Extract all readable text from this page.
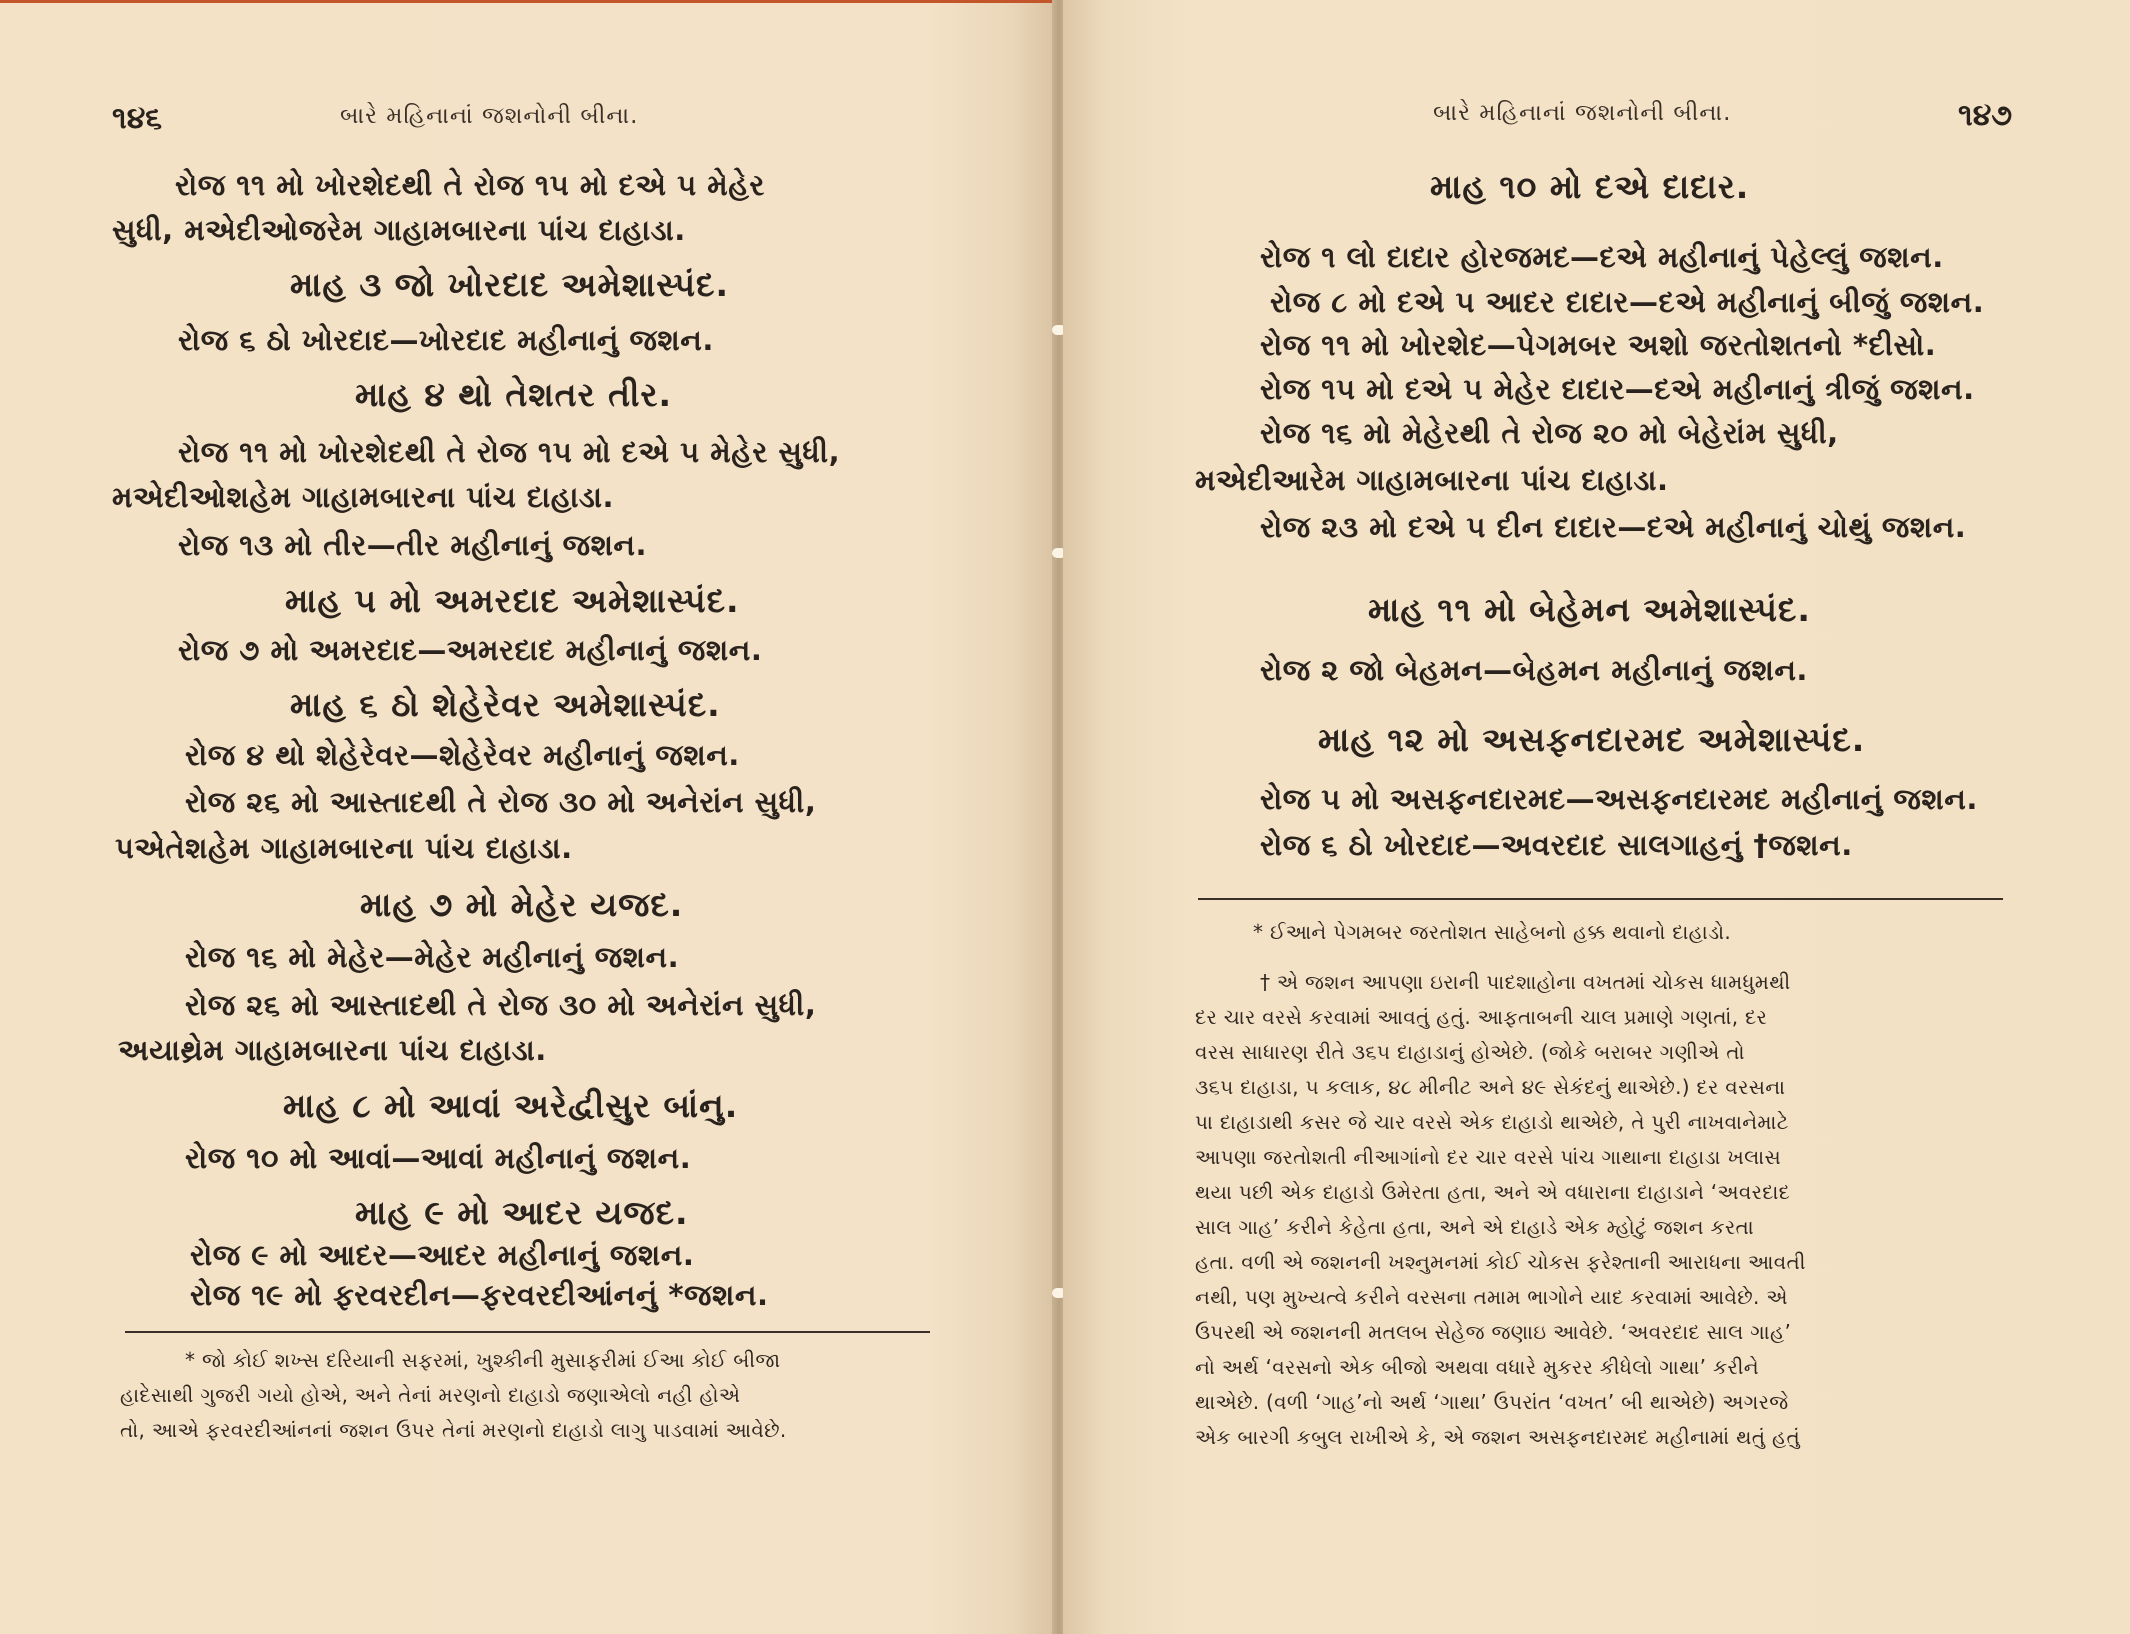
૧૪૬	બારે મહિનાનાં જશનોની બીના.
રોજ ૧૧ મો ખોરશેદથી તે રોજ ૧૫ મો દએ ૫ મેહેર
સુધી, મએદીઓજરેમ ગાહામબારના પાંચ દાહાડા.
માહ ૩ જો ખોરદાદ અમેશાસ્પંદ.
રોજ ૬ ઠો ખોરદાદ—ખોરદાદ મહીનાનું જશન.
માહ ૪ થો તેશતર તીર.
રોજ ૧૧ મો ખોરશેદથી તે રોજ ૧૫ મો દએ ૫ મેહેર સુધી,
મએદીઓશહેમ ગાહામબારના પાંચ દાહાડા.
રોજ ૧૩ મો તીર—તીર મહીનાનું જશન.
માહ ૫ મો અમરદાદ અમેશાસ્પંદ.
રોજ ૭ મો અમરદાદ—અમરદાદ મહીનાનું જશન.
માહ ૬ ઠો શેહેરેવર અમેશાસ્પંદ.
રોજ ૪ થો શેહેરેવર—શેહેરેવર મહીનાનું જશન.
રોજ ૨૬ મો આસ્તાદથી તે રોજ ૩૦ મો અનેરાંન સુધી,
પએતેશહેમ ગાહામબારના પાંચ દાહાડા.
માહ ૭ મો મેહેર યજદ.
રોજ ૧૬ મો મેહેર—મેહેર મહીનાનું જશન.
રોજ ૨૬ મો આસ્તાદથી તે રોજ ૩૦ મો અનેરાંન સુધી,
અયાથ્રેમ ગાહામબારના પાંચ દાહાડા.
માહ ૮ મો આવાં અરેદ્વીસુર બાંનુ.
રોજ ૧૦ મો આવાં—આવાં મહીનાનું જશન.
માહ ૯ મો આદર યજદ.
રોજ ૯ મો આદર—આદર મહીનાનું જશન.
રોજ ૧૯ મો ફરવરદીન—ફરવરદીઆંનનું *જશન.
* જો કોઈ શખ્સ દરિયાની સફરમાં, ખુશ્કીની મુસાફરીમાં ઈઆ કોઈ બીજા
હાદેસાથી ગુજરી ગયો હોએ, અને તેનાં મરણનો દાહાડો જણાએલો નહી હોએ
તો, આએ ફરવરદીઆંનનાં જશન ઉપર તેનાં મરણનો દાહાડો લાગુ પાડવામાં આવેછે.
બારે મહિનાનાં જશનોની બીના.	૧૪૭
માહ ૧૦ મો દએ દાદાર.
રોજ ૧ લો દાદાર હોરજમદ—દએ મહીનાનું પેહેલ્લું જશન.
રોજ ૮ મો દએ ૫ આદર દાદાર—દએ મહીનાનું બીજું જશન.
રોજ ૧૧ મો ખોરશેદ—પેગમબર અશો જરતોશતનો *દીસો.
રોજ ૧૫ મો દએ ૫ મેહેર દાદાર—દએ મહીનાનું ત્રીજું જશન.
રોજ ૧૬ મો મેહેરથી તે રોજ ૨૦ મો બેહેરાંમ સુધી,
મએદીઆરેમ ગાહામબારના પાંચ દાહાડા.
રોજ ૨૩ મો દએ ૫ દીન દાદાર—દએ મહીનાનું ચોથું જશન.
માહ ૧૧ મો બેહેમન અમેશાસ્પંદ.
રોજ ૨ જો બેહમન—બેહમન મહીનાનું જશન.
માહ ૧૨ મો અસફનદારમદ અમેશાસ્પંદ.
રોજ ૫ મો અસફનદારમદ—અસફનદારમદ મહીનાનું જશન.
રોજ ૬ ઠો ખોરદાદ—અવરદાદ સાલગાહનું †જશન.
* ઈઆને પેગમબર જરતોશત સાહેબનો હક્ક થવાનો દાહાડો.
† એ જશન આપણા ઇરાની પાદશાહોના વખતમાં ચોકસ ધામધુમથી
દર ચાર વરસે કરવામાં આવતું હતું. આફતાબની ચાલ પ્રમાણે ગણતાં, દર
વરસ સાધારણ રીતે ૩૬૫ દાહાડાનું હોએછે. (જોકે બરાબર ગણીએ તો
૩૬૫ દાહાડા, ૫ કલાક, ૪૮ મીનીટ અને ૪૯ સેકંદનું થાએછે.) દર વરસના
પા દાહાડાથી કસર જે ચાર વરસે એક દાહાડો થાએછે, તે પુરી નાખવાનેમાટે
આપણા જરતોશતી નીઆગાંનો દર ચાર વરસે પાંચ ગાથાના દાહાડા ખલાસ
થયા પછી એક દાહાડો ઉમેરતા હતા, અને એ વધારાના દાહાડાને ‘અવરદાદ
સાલ ગાહ’ કરીને કેહેતા હતા, અને એ દાહાડે એક મ્હોટું જશન કરતા
હતા. વળી એ જશનની ખશ્નુમનમાં કોઈ ચોકસ ફરેશ્તાની આરાધના આવતી
નથી, પણ મુખ્યત્વે કરીને વરસના તમામ ભાગોને યાદ કરવામાં આવેછે. એ
ઉપરથી એ જશનની મતલબ સેહેજ જણાઇ આવેછે. ‘અવરદાદ સાલ ગાહ’
નો અર્થ ‘વરસનો એક બીજો અથવા વધારે મુકરર કીધેલો ગાથા’ કરીને
થાએછે. (વળી ‘ગાહ’નો અર્થ ‘ગાથા’ ઉપરાંત ‘વખત’ બી થાએછે) અગરજે
એક બારગી કબુલ રાખીએ કે, એ જશન અસફનદારમદ મહીનામાં થતું હતું
